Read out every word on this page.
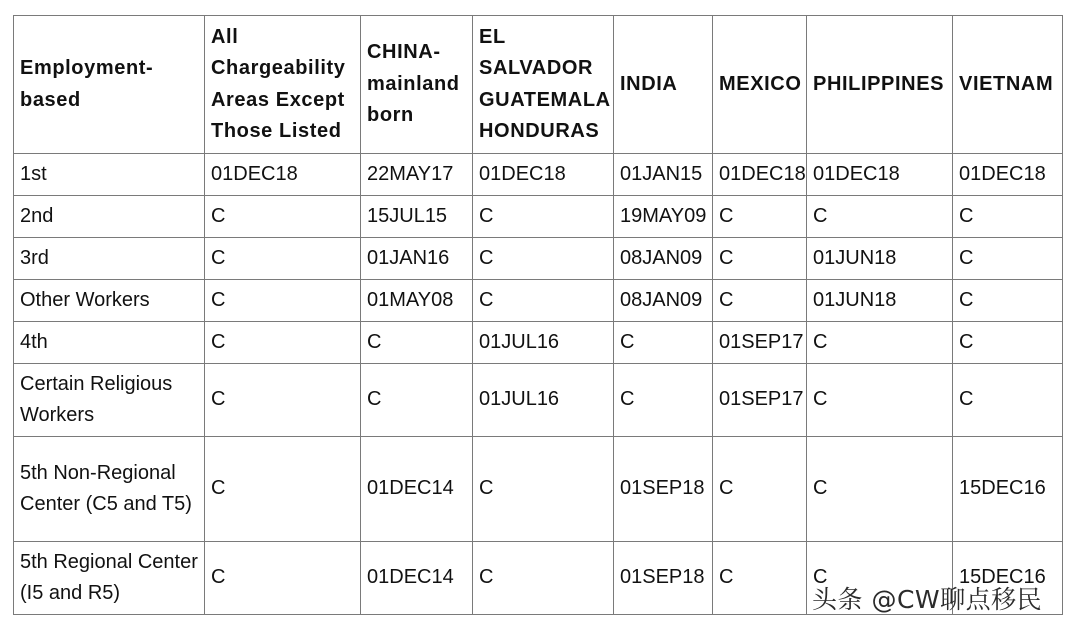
Employment-based	All Chargeability Areas Except Those Listed	CHINA-mainland born	EL SALVADOR GUATEMALA HONDURAS	INDIA	MEXICO	PHILIPPINES	VIETNAM
1st	01DEC18	22MAY17	01DEC18	01JAN15	01DEC18	01DEC18	01DEC18
2nd	C	15JUL15	C	19MAY09	C	C	C
3rd	C	01JAN16	C	08JAN09	C	01JUN18	C
Other Workers	C	01MAY08	C	08JAN09	C	01JUN18	C
4th	C	C	01JUL16	C	01SEP17	C	C
Certain Religious Workers	C	C	01JUL16	C	01SEP17	C	C
5th Non-Regional Center (C5 and T5)	C	01DEC14	C	01SEP18	C	C	15DEC16
5th Regional Center (I5 and R5)	C	01DEC14	C	01SEP18	C	C	15DEC16
头条 @CW聊点移民
